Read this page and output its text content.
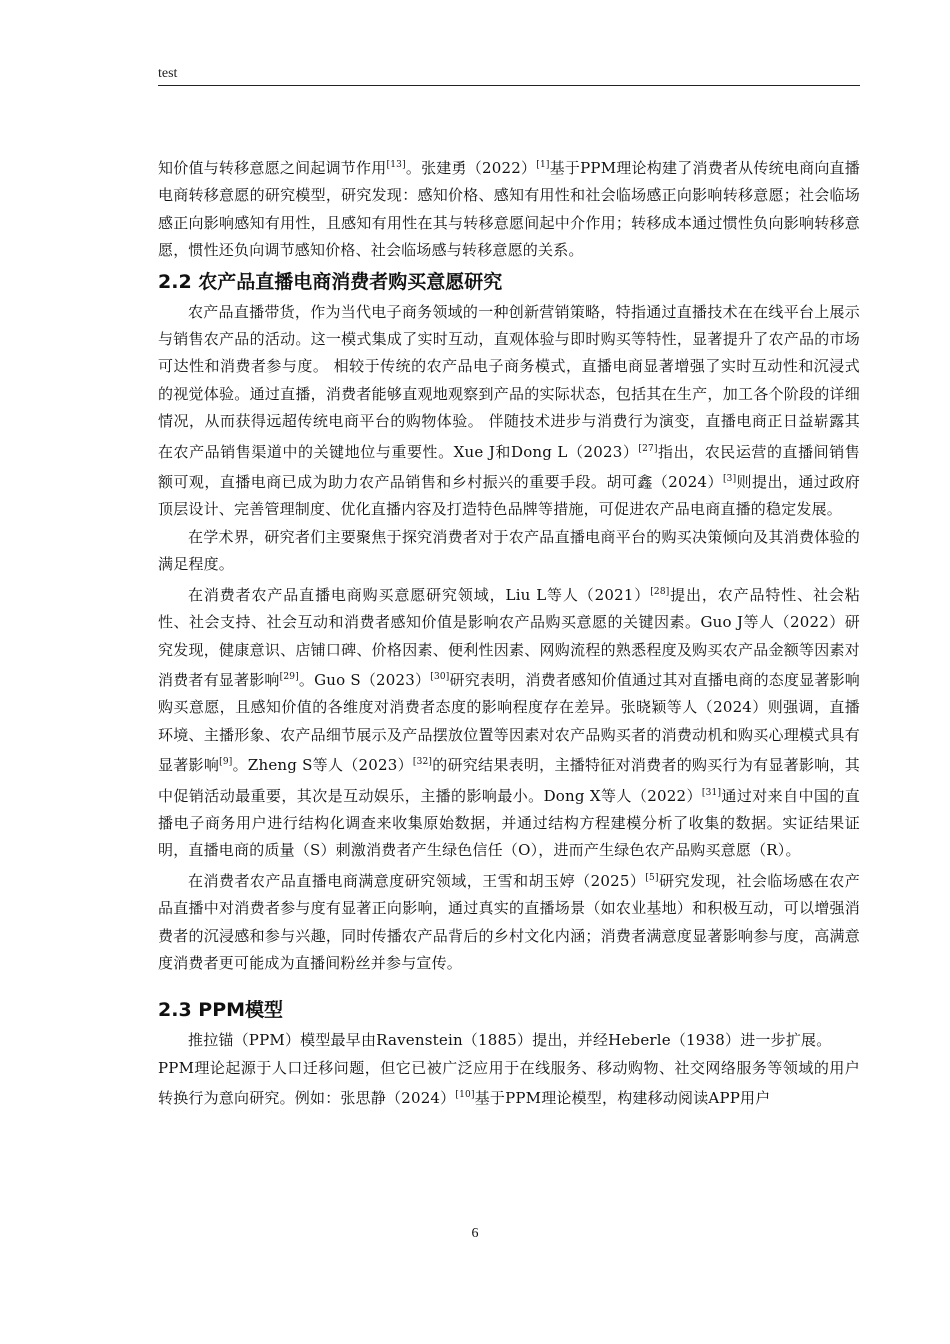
test

知价值与转移意愿之间起调节作用[13]。张建勇（2022）[1]基于PPM理论构建了消费者从传统电商向直播电商转移意愿的研究模型，研究发现：感知价格、感知有用性和社会临场感正向影响转移意愿；社会临场感正向影响感知有用性，且感知有用性在其与转移意愿间起中介作用；转移成本通过惯性负向影响转移意愿，惯性还负向调节感知价格、社会临场感与转移意愿的关系。

2.2 农产品直播电商消费者购买意愿研究

农产品直播带货，作为当代电子商务领域的一种创新营销策略，特指通过直播技术在在线平台上展示与销售农产品的活动。这一模式集成了实时互动，直观体验与即时购买等特性，显著提升了农产品的市场可达性和消费者参与度。 相较于传统的农产品电子商务模式，直播电商显著增强了实时互动性和沉浸式的视觉体验。通过直播，消费者能够直观地观察到产品的实际状态，包括其在生产，加工各个阶段的详细情况，从而获得远超传统电商平台的购物体验。 伴随技术进步与消费行为演变，直播电商正日益崭露其在农产品销售渠道中的关键地位与重要性。Xue J和Dong L（2023）[27]指出，农民运营的直播间销售额可观，直播电商已成为助力农产品销售和乡村振兴的重要手段。胡可鑫（2024）[3]则提出，通过政府顶层设计、完善管理制度、优化直播内容及打造特色品牌等措施，可促进农产品电商直播的稳定发展。

在学术界，研究者们主要聚焦于探究消费者对于农产品直播电商平台的购买决策倾向及其消费体验的满足程度。

在消费者农产品直播电商购买意愿研究领域，Liu L等人（2021）[28]提出，农产品特性、社会粘性、社会支持、社会互动和消费者感知价值是影响农产品购买意愿的关键因素。Guo J等人（2022）研究发现，健康意识、店铺口碑、价格因素、便利性因素、网购流程的熟悉程度及购买农产品金额等因素对消费者有显著影响[29]。Guo S（2023）[30]研究表明，消费者感知价值通过其对直播电商的态度显著影响购买意愿，且感知价值的各维度对消费者态度的影响程度存在差异。张晓颖等人（2024）则强调，直播环境、主播形象、农产品细节展示及产品摆放位置等因素对农产品购买者的消费动机和购买心理模式具有显著影响[9]。Zheng S等人（2023）[32]的研究结果表明，主播特征对消费者的购买行为有显著影响，其中促销活动最重要，其次是互动娱乐，主播的影响最小。Dong X等人（2022）[31]通过对来自中国的直播电子商务用户进行结构化调查来收集原始数据，并通过结构方程建模分析了收集的数据。实证结果证明，直播电商的质量（S）刺激消费者产生绿色信任（O），进而产生绿色农产品购买意愿（R）。

在消费者农产品直播电商满意度研究领域，王雪和胡玉婷（2025）[5]研究发现，社会临场感在农产品直播中对消费者参与度有显著正向影响，通过真实的直播场景（如农业基地）和积极互动，可以增强消费者的沉浸感和参与兴趣，同时传播农产品背后的乡村文化内涵；消费者满意度显著影响参与度，高满意度消费者更可能成为直播间粉丝并参与宣传。

2.3 PPM模型

推拉锚（PPM）模型最早由Ravenstein（1885）提出，并经Heberle（1938）进一步扩展。

PPM理论起源于人口迁移问题，但它已被广泛应用于在线服务、移动购物、社交网络服务等领域的用户转换行为意向研究。例如：张思静（2024）[10]基于PPM理论模型，构建移动阅读APP用户

6
